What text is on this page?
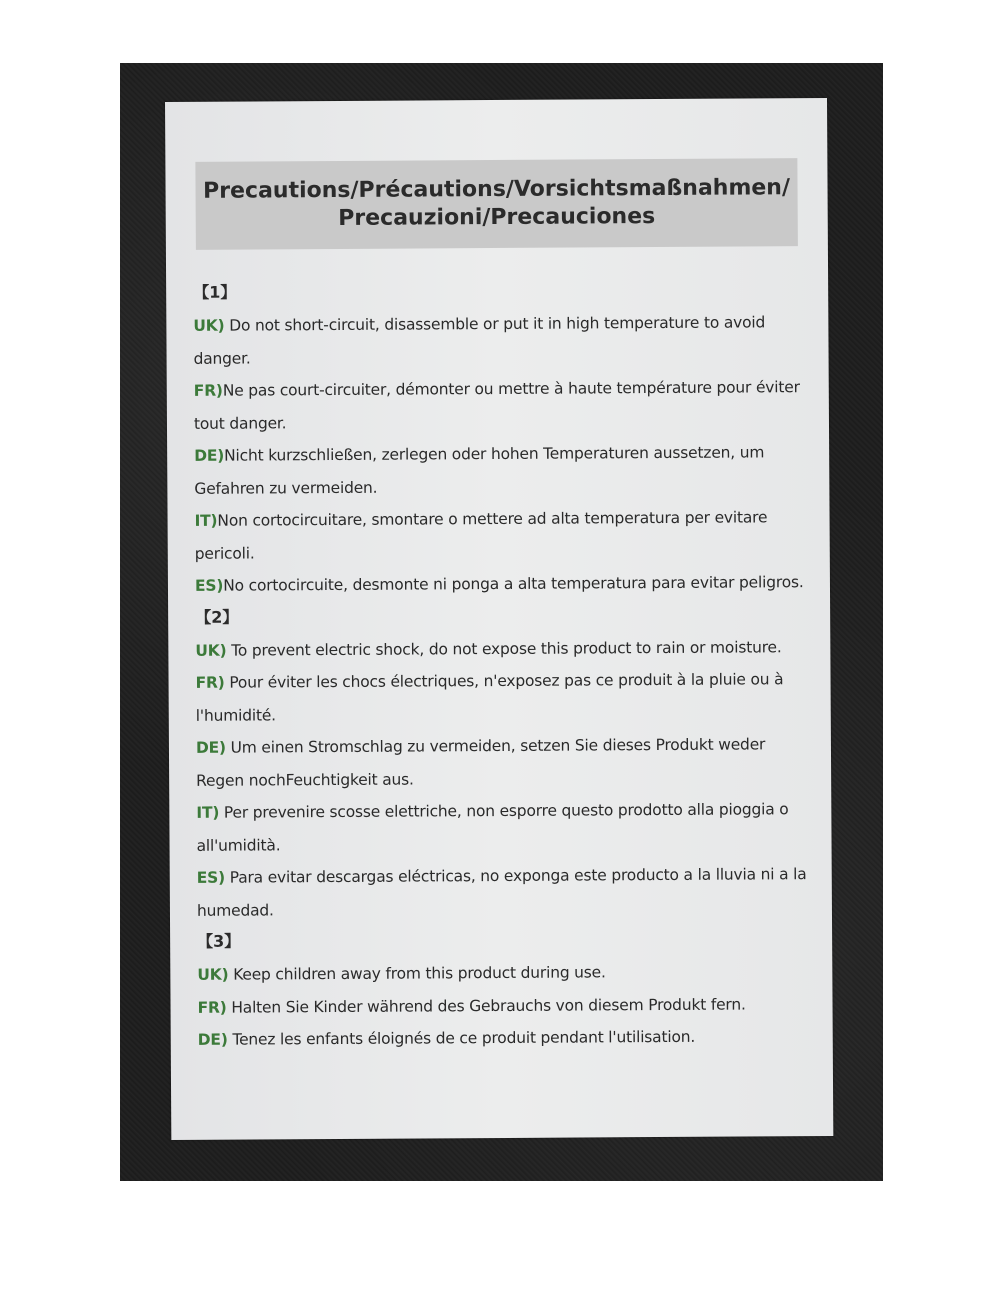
Precautions/Précautions/Vorsichtsmaßnahmen/
Precauzioni/Precauciones
【1】
UK) Do not short-circuit, disassemble or put it in high temperature to avoid danger.
FR)Ne pas court-circuiter, démonter ou mettre à haute température pour éviter tout danger.
DE)Nicht kurzschließen, zerlegen oder hohen Temperaturen aussetzen, um Gefahren zu vermeiden.
IT)Non cortocircuitare, smontare o mettere ad alta temperatura per evitare pericoli.
ES)No cortocircuite, desmonte ni ponga a alta temperatura para evitar peligros.
【2】
UK) To prevent electric shock, do not expose this product to rain or moisture.
FR) Pour éviter les chocs électriques, n'exposez pas ce produit à la pluie ou à l'humidité.
DE) Um einen Stromschlag zu vermeiden, setzen Sie dieses Produkt weder Regen nochFeuchtigkeit aus.
IT) Per prevenire scosse elettriche, non esporre questo prodotto alla pioggia o all'umidità.
ES) Para evitar descargas eléctricas, no exponga este producto a la lluvia ni a la humedad.
【3】
UK) Keep children away from this product during use.
FR) Halten Sie Kinder während des Gebrauchs von diesem Produkt fern.
DE) Tenez les enfants éloignés de ce produit pendant l'utilisation.
